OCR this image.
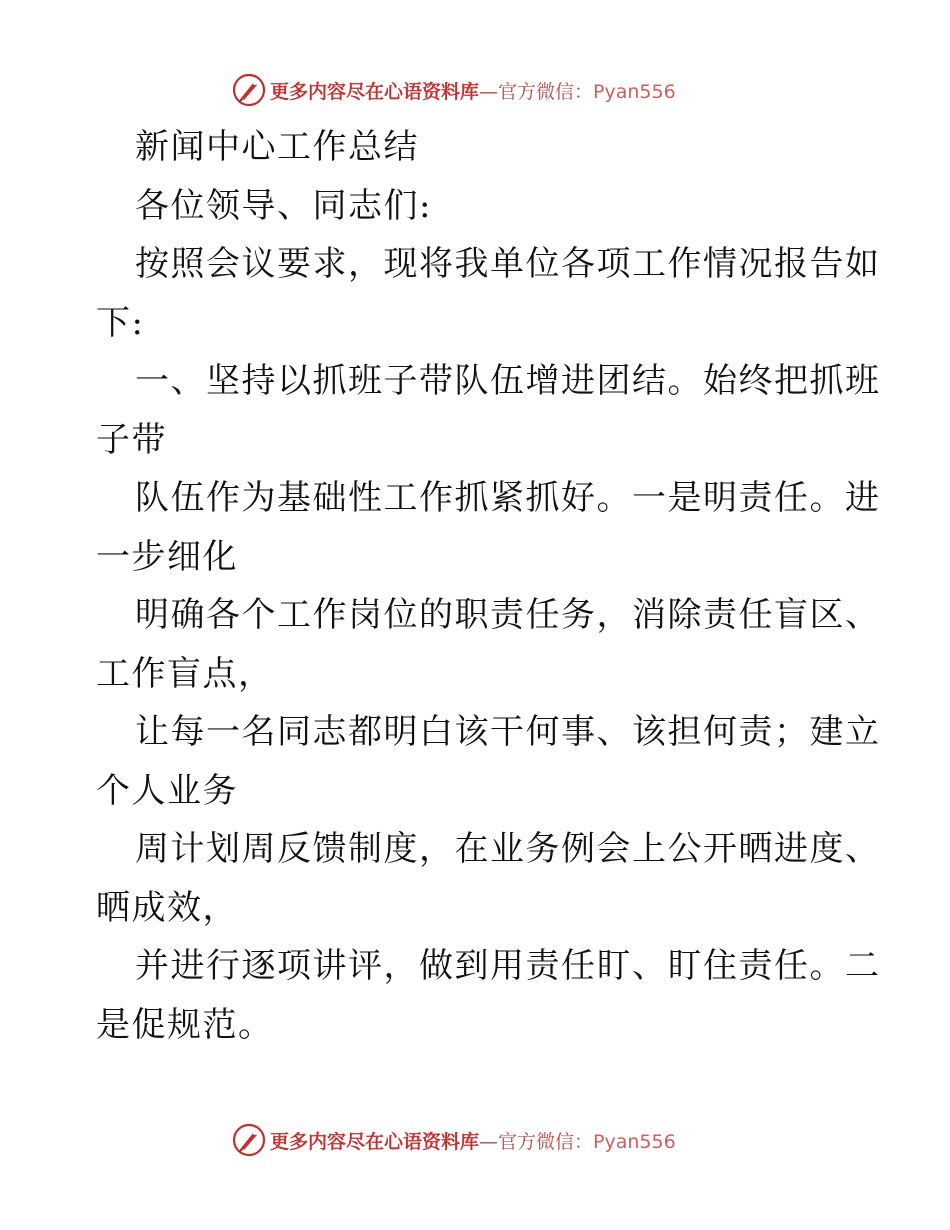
更多内容尽在心语资料库—官方微信：Pyan556
新闻中心工作总结
各位领导、同志们:
按照会议要求，现将我单位各项工作情况报告如
下:
一、坚持以抓班子带队伍增进团结。始终把抓班
子带
队伍作为基础性工作抓紧抓好。一是明责任。进
一步细化
明确各个工作岗位的职责任务，消除责任盲区、
工作盲点，
让每一名同志都明白该干何事、该担何责；建立
个人业务
周计划周反馈制度，在业务例会上公开晒进度、
晒成效，
并进行逐项讲评，做到用责任盯、盯住责任。二
是促规范。
更多内容尽在心语资料库—官方微信：Pyan556
